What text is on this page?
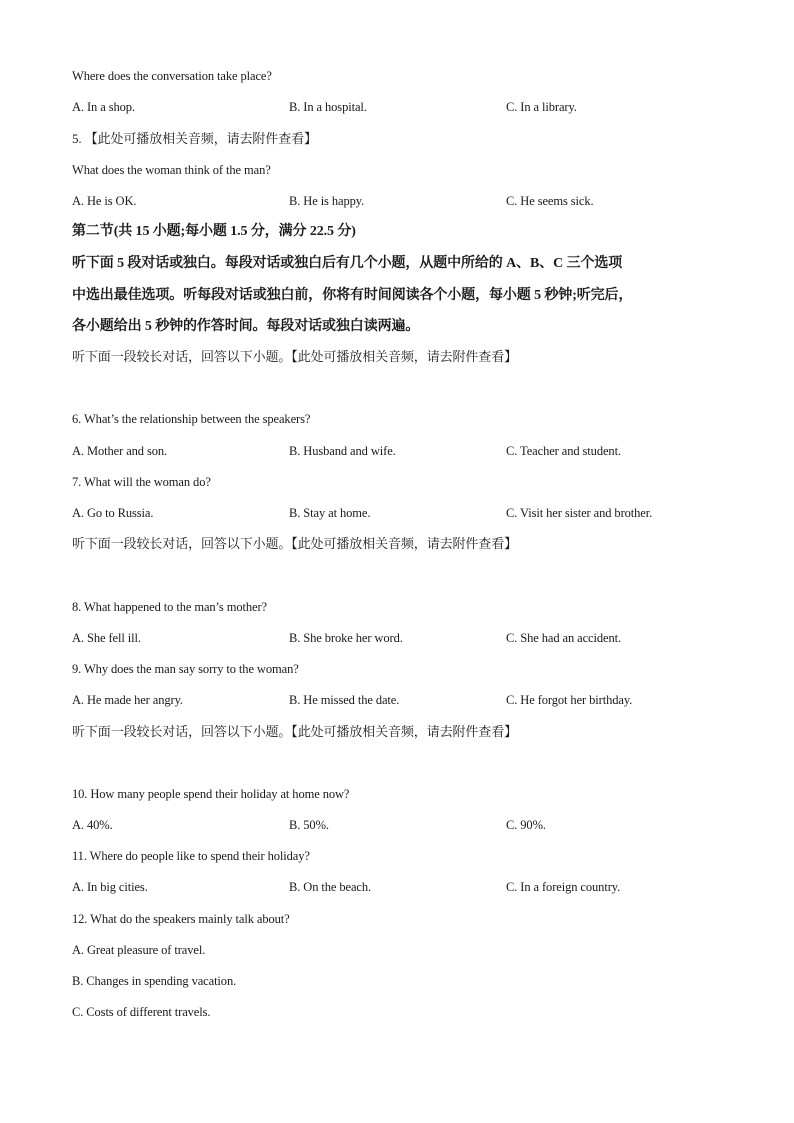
Where does the conversation take place?
A. In a shop.	B. In a hospital.	C. In a library.
5. 【此处可播放相关音频，请去附件查看】
What does the woman think of the man?
A. He is OK.	B. He is happy.	C. He seems sick.
第二节(共 15 小题;每小题 1.5 分，满分 22.5 分)
听下面 5 段对话或独白。每段对话或独白后有几个小题，从题中所给的 A、B、C 三个选项
中选出最佳选项。听每段对话或独白前，你将有时间阅读各个小题，每小题 5 秒钟;听完后，
各小题给出 5 秒钟的作答时间。每段对话或独白读两遍。
听下面一段较长对话，回答以下小题。【此处可播放相关音频，请去附件查看】
6. What’s the relationship between the speakers?
A. Mother and son.	B. Husband and wife.	C. Teacher and student.
7. What will the woman do?
A. Go to Russia.	B. Stay at home.	C. Visit her sister and brother.
听下面一段较长对话，回答以下小题。【此处可播放相关音频，请去附件查看】
8. What happened to the man’s mother?
A. She fell ill.	B. She broke her word.	C. She had an accident.
9. Why does the man say sorry to the woman?
A. He made her angry.	B. He missed the date.	C. He forgot her birthday.
听下面一段较长对话，回答以下小题。【此处可播放相关音频，请去附件查看】
10. How many people spend their holiday at home now?
A. 40%.	B. 50%.	C. 90%.
11. Where do people like to spend their holiday?
A. In big cities.	B. On the beach.	C. In a foreign country.
12. What do the speakers mainly talk about?
A. Great pleasure of travel.
B. Changes in spending vacation.
C. Costs of different travels.
